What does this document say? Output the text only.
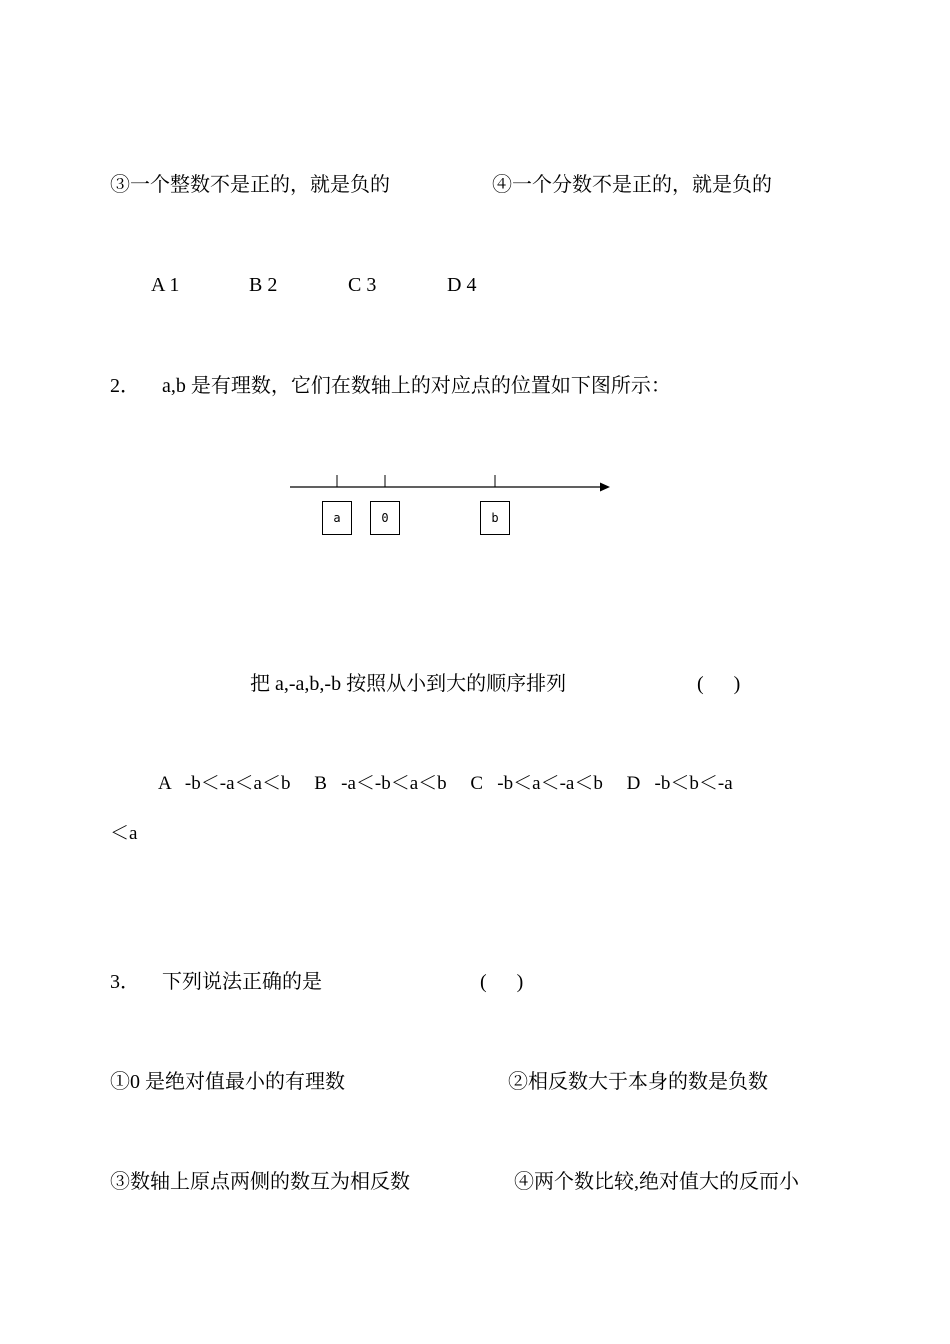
③一个整数不是正的，就是负的	④一个分数不是正的，就是负的
A 1	B 2	C 3	D 4
2． a,b 是有理数，它们在数轴上的对应点的位置如下图所示：
a	0	b
把 a,-a,b,-b 按照从小到大的顺序排列	(      )
A   -b＜-a＜a＜b     B   -a＜-b＜a＜b     C   -b＜a＜-a＜b     D   -b＜b＜-a
＜a
3． 下列说法正确的是	(      )
①0 是绝对值最小的有理数	②相反数大于本身的数是负数
③数轴上原点两侧的数互为相反数	④两个数比较,绝对值大的反而小
